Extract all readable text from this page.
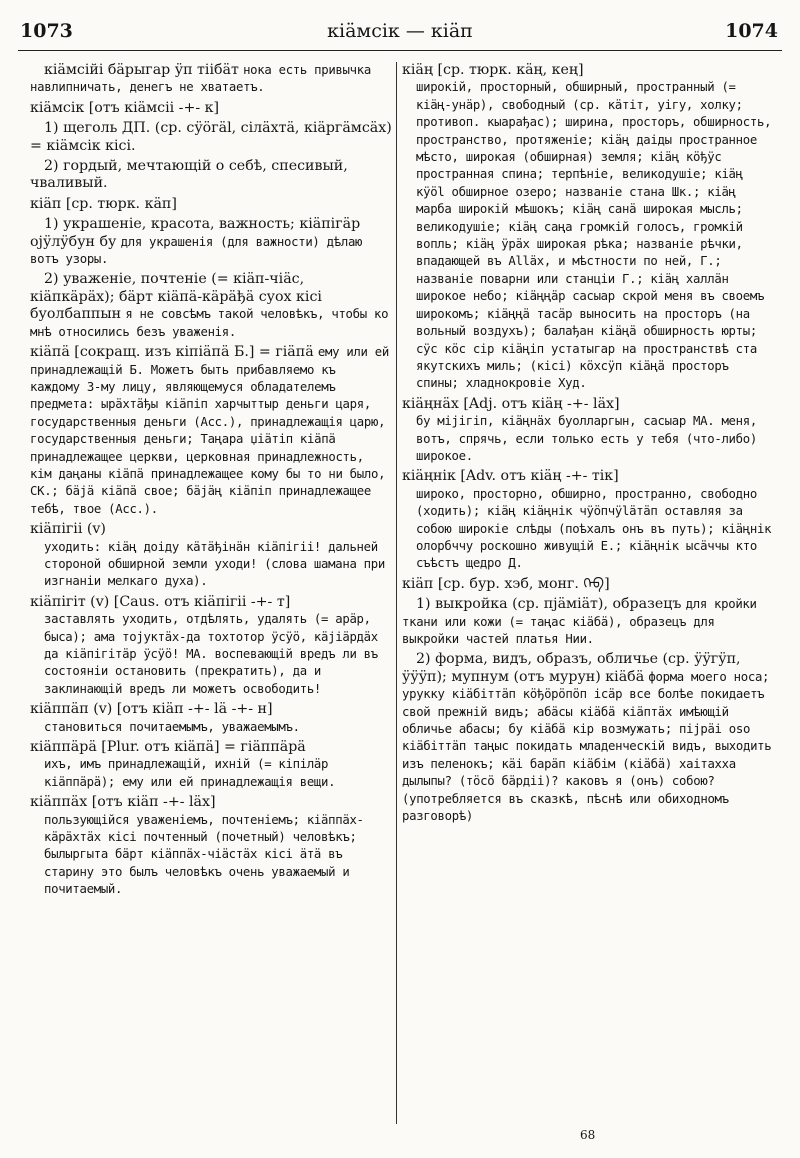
1073	кiӓмсiк — кiӓп	1074
кiӓмсiйi бӓрыгар ӱп тiiбӓт нока есть привычка навлипничать, денегъ не хватаетъ.
кiӓмсiк [отъ кiӓмсii -+- к]
1) щеголь ДП. (ср. сӱӧгӓl, сiлӓхтӓ, кiӓргӓмсӓх) = кiӓмсiк кiсi.
2) гордый, мечтающiй о себѣ, спесивый, чваливый.
кiӓп [ср. тюрк. кӓп]
1) украшенiе, красота, важность; кiӓпiгӓр ојӱлӱбун бу для украшенiя (для важности) дѣлаю вотъ узоры.
2) уваженiе, почтенiе (= кiӓп-чiӓс, кiӓпкӓрӓх); бӓрт кiӓпӓ-кӓрӓђӓ суох кiсi буолбаппын я не совсѣмъ такой человѣкъ, чтобы ко мнѣ относились безъ уваженiя.
кiӓпӓ [сокращ. изъ кiпiӓпӓ Б.] = гiӓпӓ ему или ей принадлежащiй Б. Можетъ быть прибавляемо къ каждому 3-му лицу, являющемуся обладателемъ предмета: ырӓхтӓђы кiӓпiп харчыттыр деньги царя, государственныя деньги (Acc.), принадлежащiя царю, государственныя деньги; Таңара џiӓтiп кiӓпӓ принадлежащее церкви, церковная принадлежность, кiм даңаны кiӓпӓ принадлежащее кому бы то ни было, СК.; бӓјӓ кiӓпӓ свое; бӓјӓң кiӓпiп принадлежащее тебѣ, твое (Acc.).
кiӓпiгii (v)

уходить: кiӓң доiду кӓтӓђiнӓн кiӓпiгii! дальней стороной обширной земли уходи! (слова шамана при изгнанiи мелкаго духа).

кiӓпiгiт (v) [Caus. отъ кiӓпiгii -+- т]

заставлять уходить, отдѣлять, удалять (= арӓр, быса); ама тојуктӓх-да тохтотор ӱсӱӧ, кӓјiӓрдӓх да кiӓпiгiтӓр ӱсӱӧ! МА. воспевающiй вредъ ли въ состоянiи остановить (прекратить), да и заклинающiй вредъ ли можетъ освободить!

кiӓппӓп (v) [отъ кiӓп -+- lӓ -+- н]

становиться почитаемымъ, уважаемымъ.

кiӓппӓрӓ [Plur. отъ кiӓпӓ] = гiӓппӓрӓ

ихъ, имъ принадлежащiй, ихнiй (= кiпiлӓр кiӓппӓрӓ); ему или ей принадлежащiя вещи.

кiӓппӓх [отъ кiӓп -+- lӓх]

пользующiйся уваженiемъ, почтенiемъ; кiӓппӓх-кӓрӓхтӓх кiсi почтенный (почетный) человѣкъ; былыргыта бӓрт кiӓппӓх-чiӓстӓх кiсi ӓтӓ въ старину это былъ человѣкъ очень уважаемый и почитаемый.

кiӓң [ср. тюрк. кӓң, кең]

широкiй, просторный, обширный, пространный (= кiӓң-унӓр), свободный (ср. кӓтiт, уiгу, холку; противоп. кыарађас); ширина, просторъ, обширность, пространство, протяженiе; кiӓң даiды пространное мѣсто, широкая (обширная) земля; кiӓң кӧђӱс пространная спина; терпѣнiе, великодушiе; кiӓң кӱӧl обширное озеро; названiе стана Шк.; кiӓң марба широкiй мѣшокъ; кiӓң санӓ широкая мысль; великодушiе; кiӓң саңа громкiй голосъ, громкiй вопль; кiӓң ӱрӓх широкая рѣка; названiе рѣчки, впадающей въ Аllӓх, и мѣстности по ней, Г.; названiе поварни или станцiи Г.; кiӓң халлӓн широкое небо; кiӓңңӓр сасыар скрой меня въ своемъ широкомъ; кiӓңңӓ тасӓр выносить на просторъ (на вольный воздухъ); балађан кiӓңӓ обширность юрты; сӱс кӧс сiр кiӓңiп устатыгар на пространствѣ ста якутскихъ миль; (кiсi) кӧхсӱп кiӓңӓ просторъ спины; хладнокровiе Худ.

кiӓңнӓх [Adj. отъ кiӓң -+- lӓх]

бу мiјiгiп, кiӓңнӓх буолларгын, сасыар МА. меня, вотъ, спрячь, если только есть у тебя (что-либо) широкое.

кiӓңнiк [Adv. отъ кiӓң -+- тiк]

широко, просторно, обширно, пространно, свободно (ходить); кiӓң кiӓңнiк чӱӧпчӱlӓтӓп оставляя за собою широкiе слѣды (поѣхалъ онъ въ путь); кiӓңнiк олорбччу роскошно живущiй Е.; кiӓңнiк ысӓччы кто съѣстъ щедро Д.

кiӓп [ср. бур. хэб, монг. ᠬᠡᠪ]
1) выкройка (ср. пјӓмiӓт), образецъ для кройки ткани или кожи (= таңас кiӓбӓ), образецъ для выкройки частей платья Нии.
2) форма, видъ, образъ, обличье (ср. ӱӱгӱп, ӱӱӱп); мупнум (отъ мурун) кiӓбӓ форма моего носа; урукку кiӓбiттӓп кӧђӧрӧпӧп iсӓр все болѣе покидаетъ свой прежнiй видъ; абӓсы кiӓбӓ кiӓптӓх имѣющiй обличье абасы; бу кiӓбӓ кiр возмужать; пiјрӓi оѕо кiӓбiттӓп таңыс покидать младенческiй видъ, выходить изъ пеленокъ; кӓi барӓп кiӓбiм (кiӓбӓ) хаiтахха дылыпы? (тӧсӧ бӓрдiі)? каковъ я (онъ) собою? (употребляется въ сказкѣ, пѣснѣ или обиходномъ разговорѣ)
68
